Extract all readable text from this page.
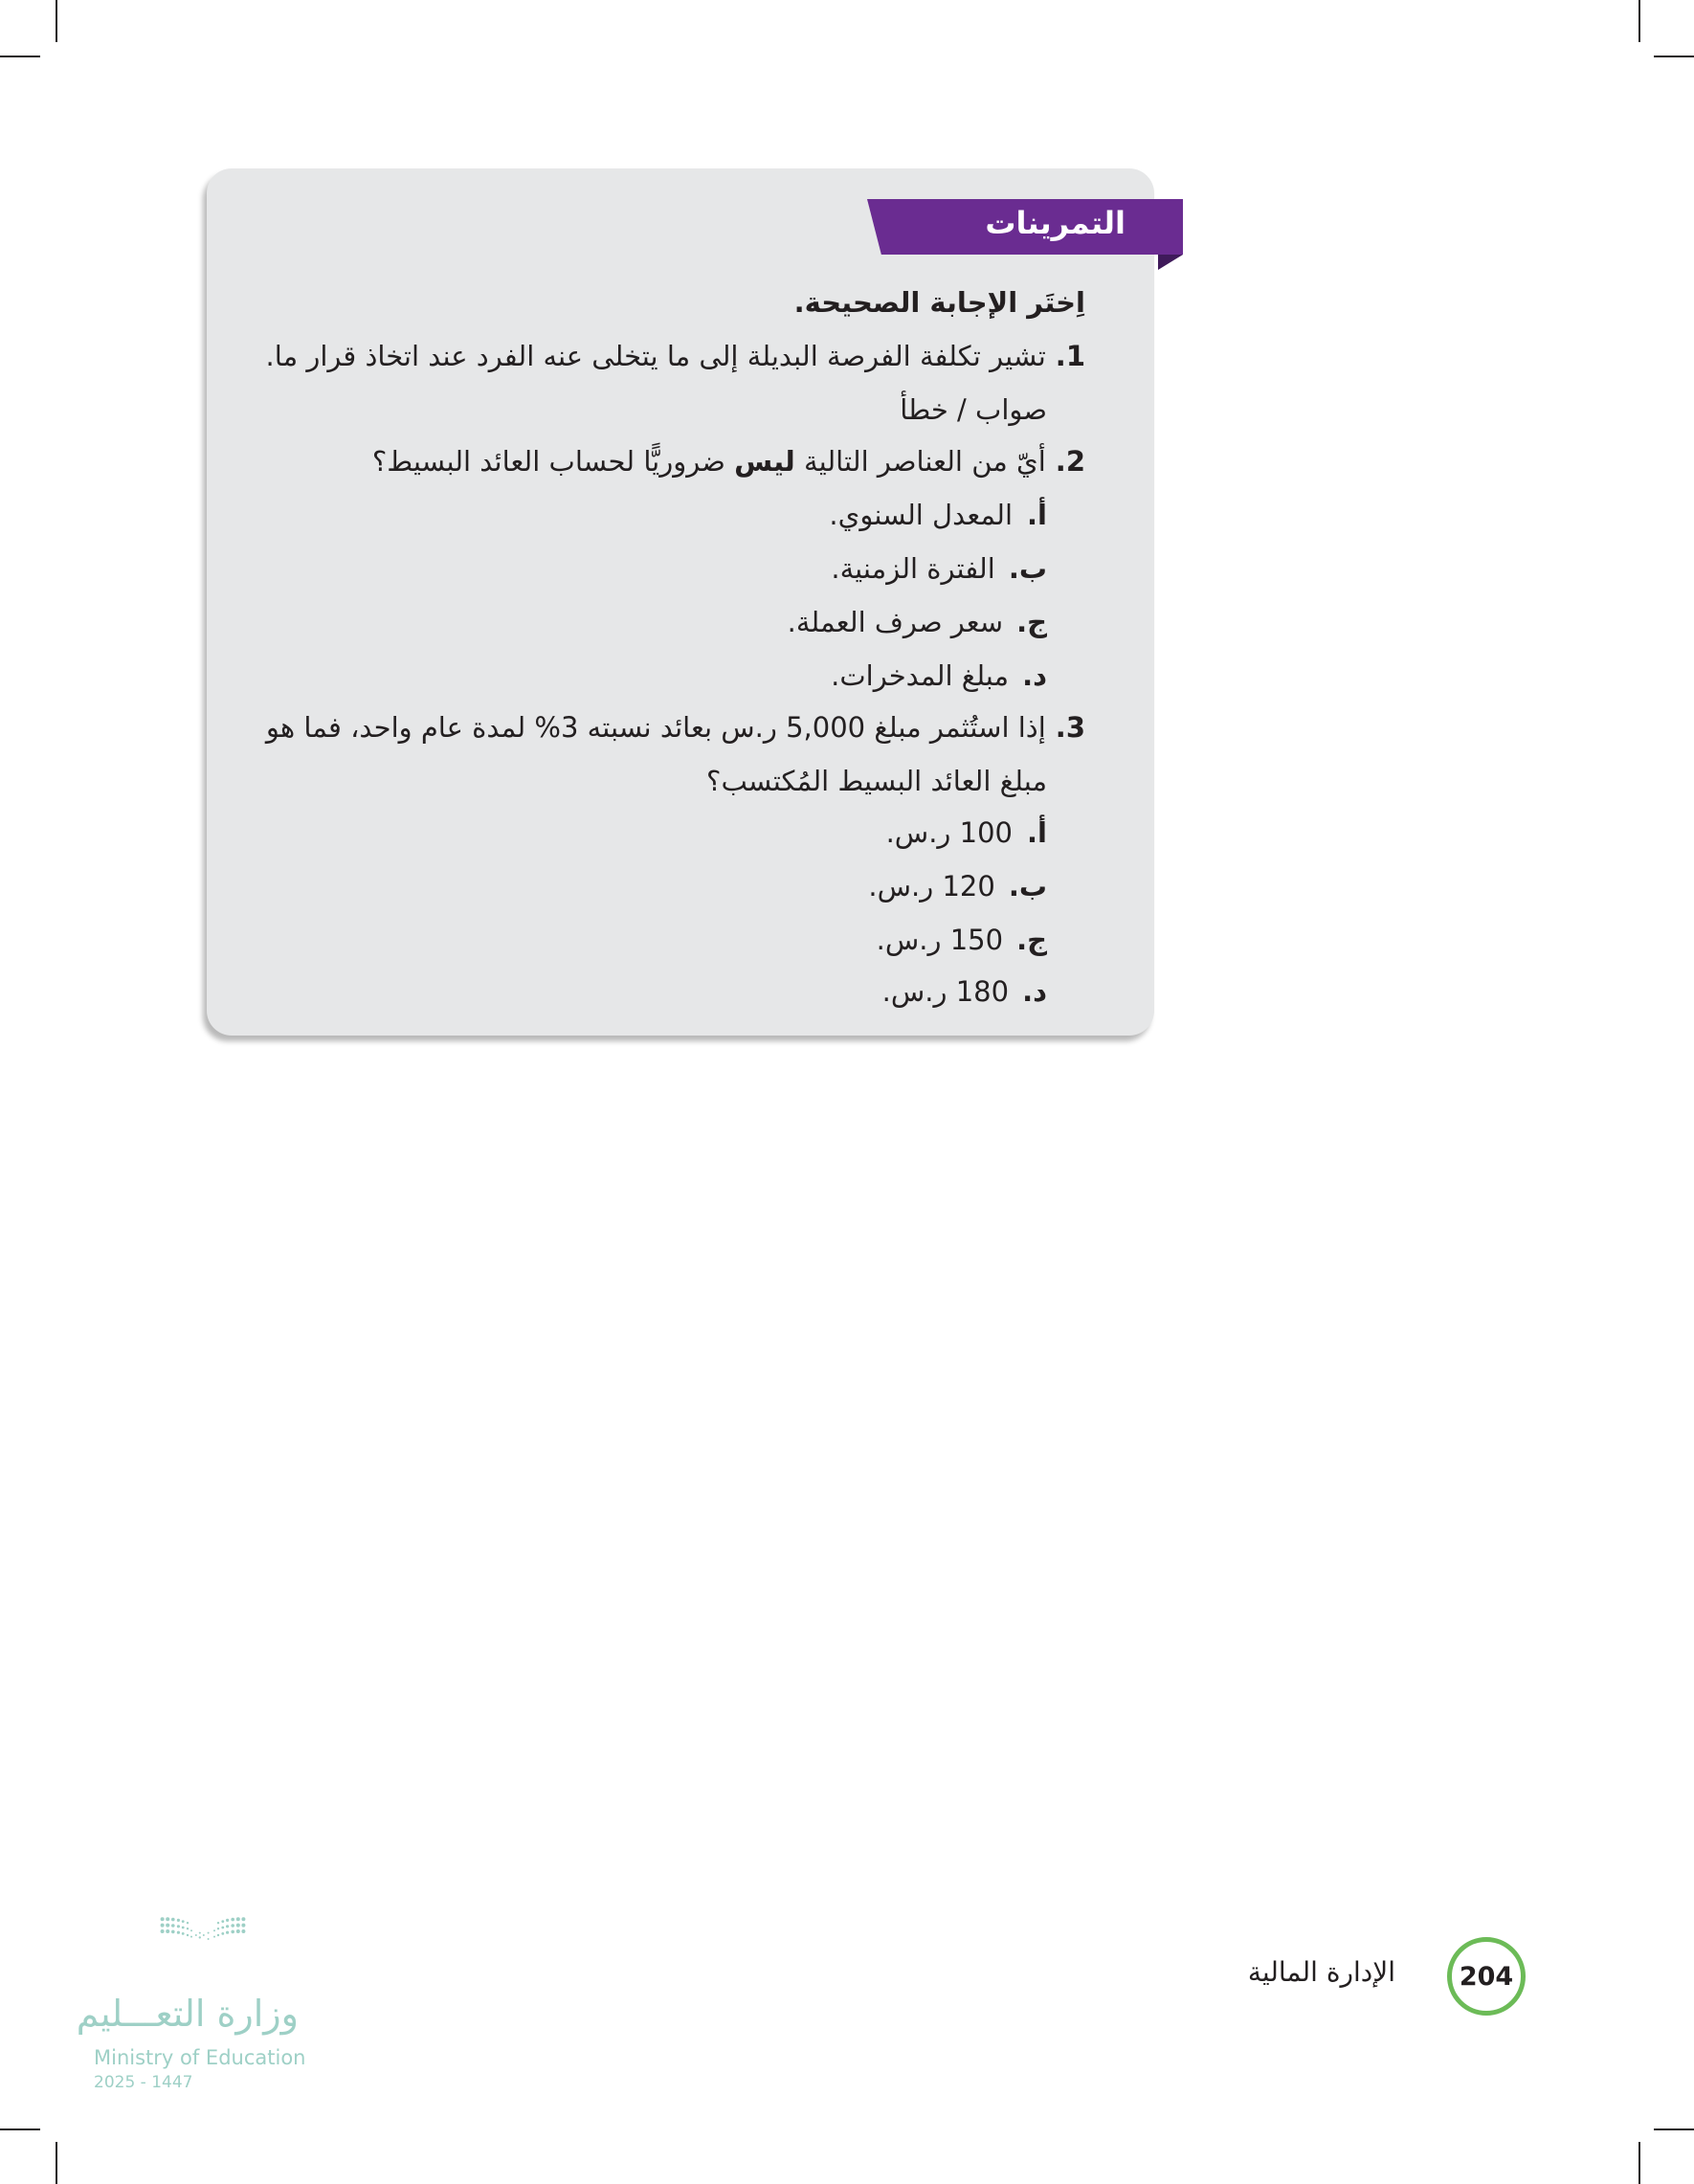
التمرينات
اِختَر الإجابة الصحيحة.
1.
تشير تكلفة الفرصة البديلة إلى ما يتخلى عنه الفرد عند اتخاذ قرار ما.
صواب / خطأ
2.
أيّ من العناصر التالية ليس ضروريًّا لحساب العائد البسيط؟
أ.
المعدل السنوي.
ب.
الفترة الزمنية.
ج.
سعر صرف العملة.
د.
مبلغ المدخرات.
3.
إذا استُثمر مبلغ 5,000 ر.س بعائد نسبته 3% لمدة عام واحد، فما هو
مبلغ العائد البسيط المُكتسب؟
أ.
100 ر.س.
ب.
120 ر.س.
ج.
150 ر.س.
د.
180 ر.س.
204
الإدارة المالية
وزارة التعـــليم
Ministry of Education
2025 - 1447
